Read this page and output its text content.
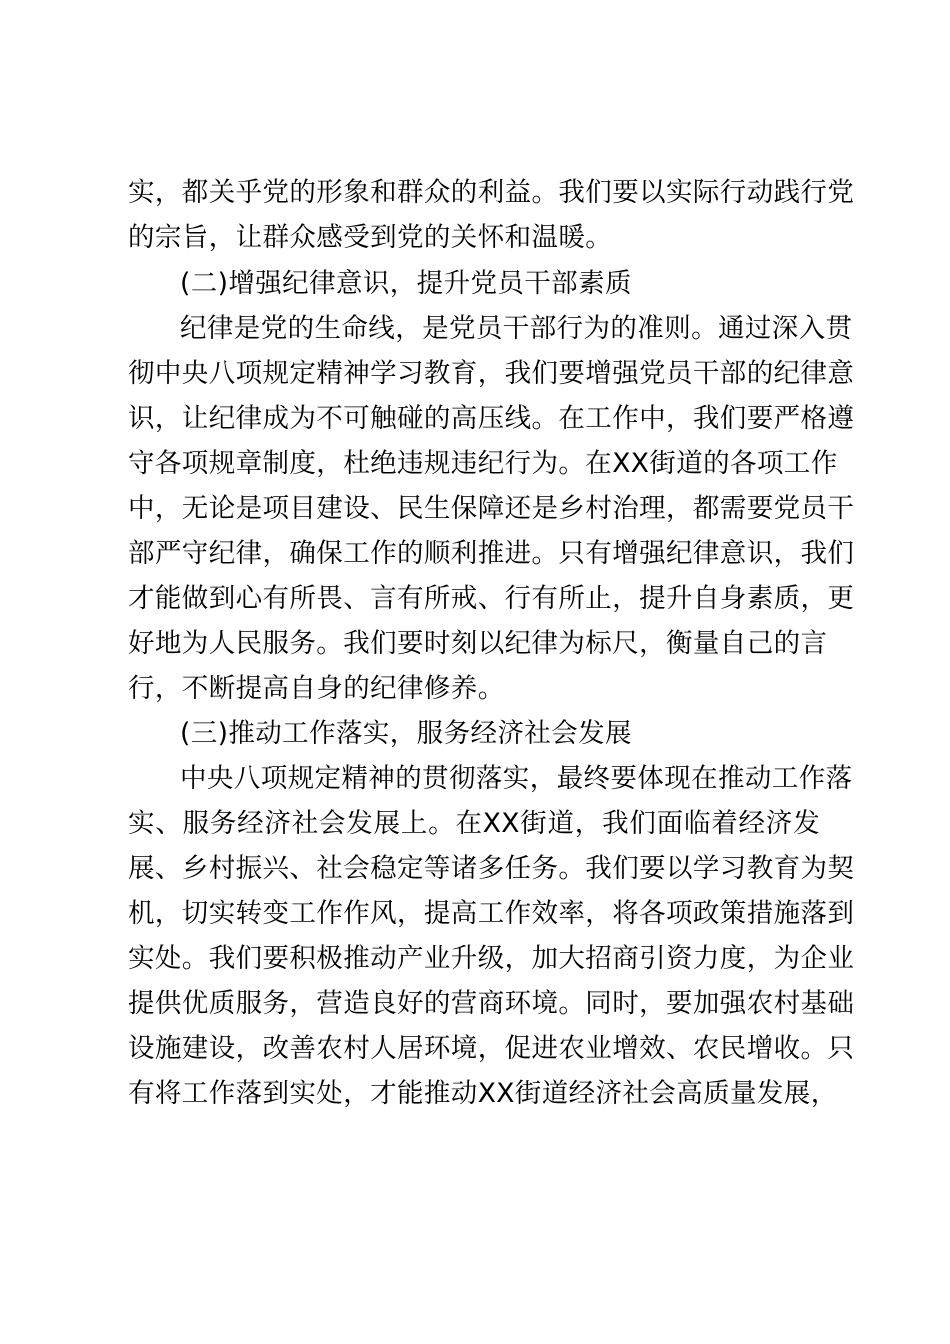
实，都关乎党的形象和群众的利益。我们要以实际行动践行党
的宗旨，让群众感受到党的关怀和温暖。
(二)增强纪律意识，提升党员干部素质
纪律是党的生命线，是党员干部行为的准则。通过深入贯
彻中央八项规定精神学习教育，我们要增强党员干部的纪律意
识，让纪律成为不可触碰的高压线。在工作中，我们要严格遵
守各项规章制度，杜绝违规违纪行为。在XX街道的各项工作
中，无论是项目建设、民生保障还是乡村治理，都需要党员干
部严守纪律，确保工作的顺利推进。只有增强纪律意识，我们
才能做到心有所畏、言有所戒、行有所止，提升自身素质，更
好地为人民服务。我们要时刻以纪律为标尺，衡量自己的言
行，不断提高自身的纪律修养。
(三)推动工作落实，服务经济社会发展
中央八项规定精神的贯彻落实，最终要体现在推动工作落
实、服务经济社会发展上。在XX街道，我们面临着经济发
展、乡村振兴、社会稳定等诸多任务。我们要以学习教育为契
机，切实转变工作作风，提高工作效率，将各项政策措施落到
实处。我们要积极推动产业升级，加大招商引资力度，为企业
提供优质服务，营造良好的营商环境。同时，要加强农村基础
设施建设，改善农村人居环境，促进农业增效、农民增收。只
有将工作落到实处，才能推动XX街道经济社会高质量发展，
